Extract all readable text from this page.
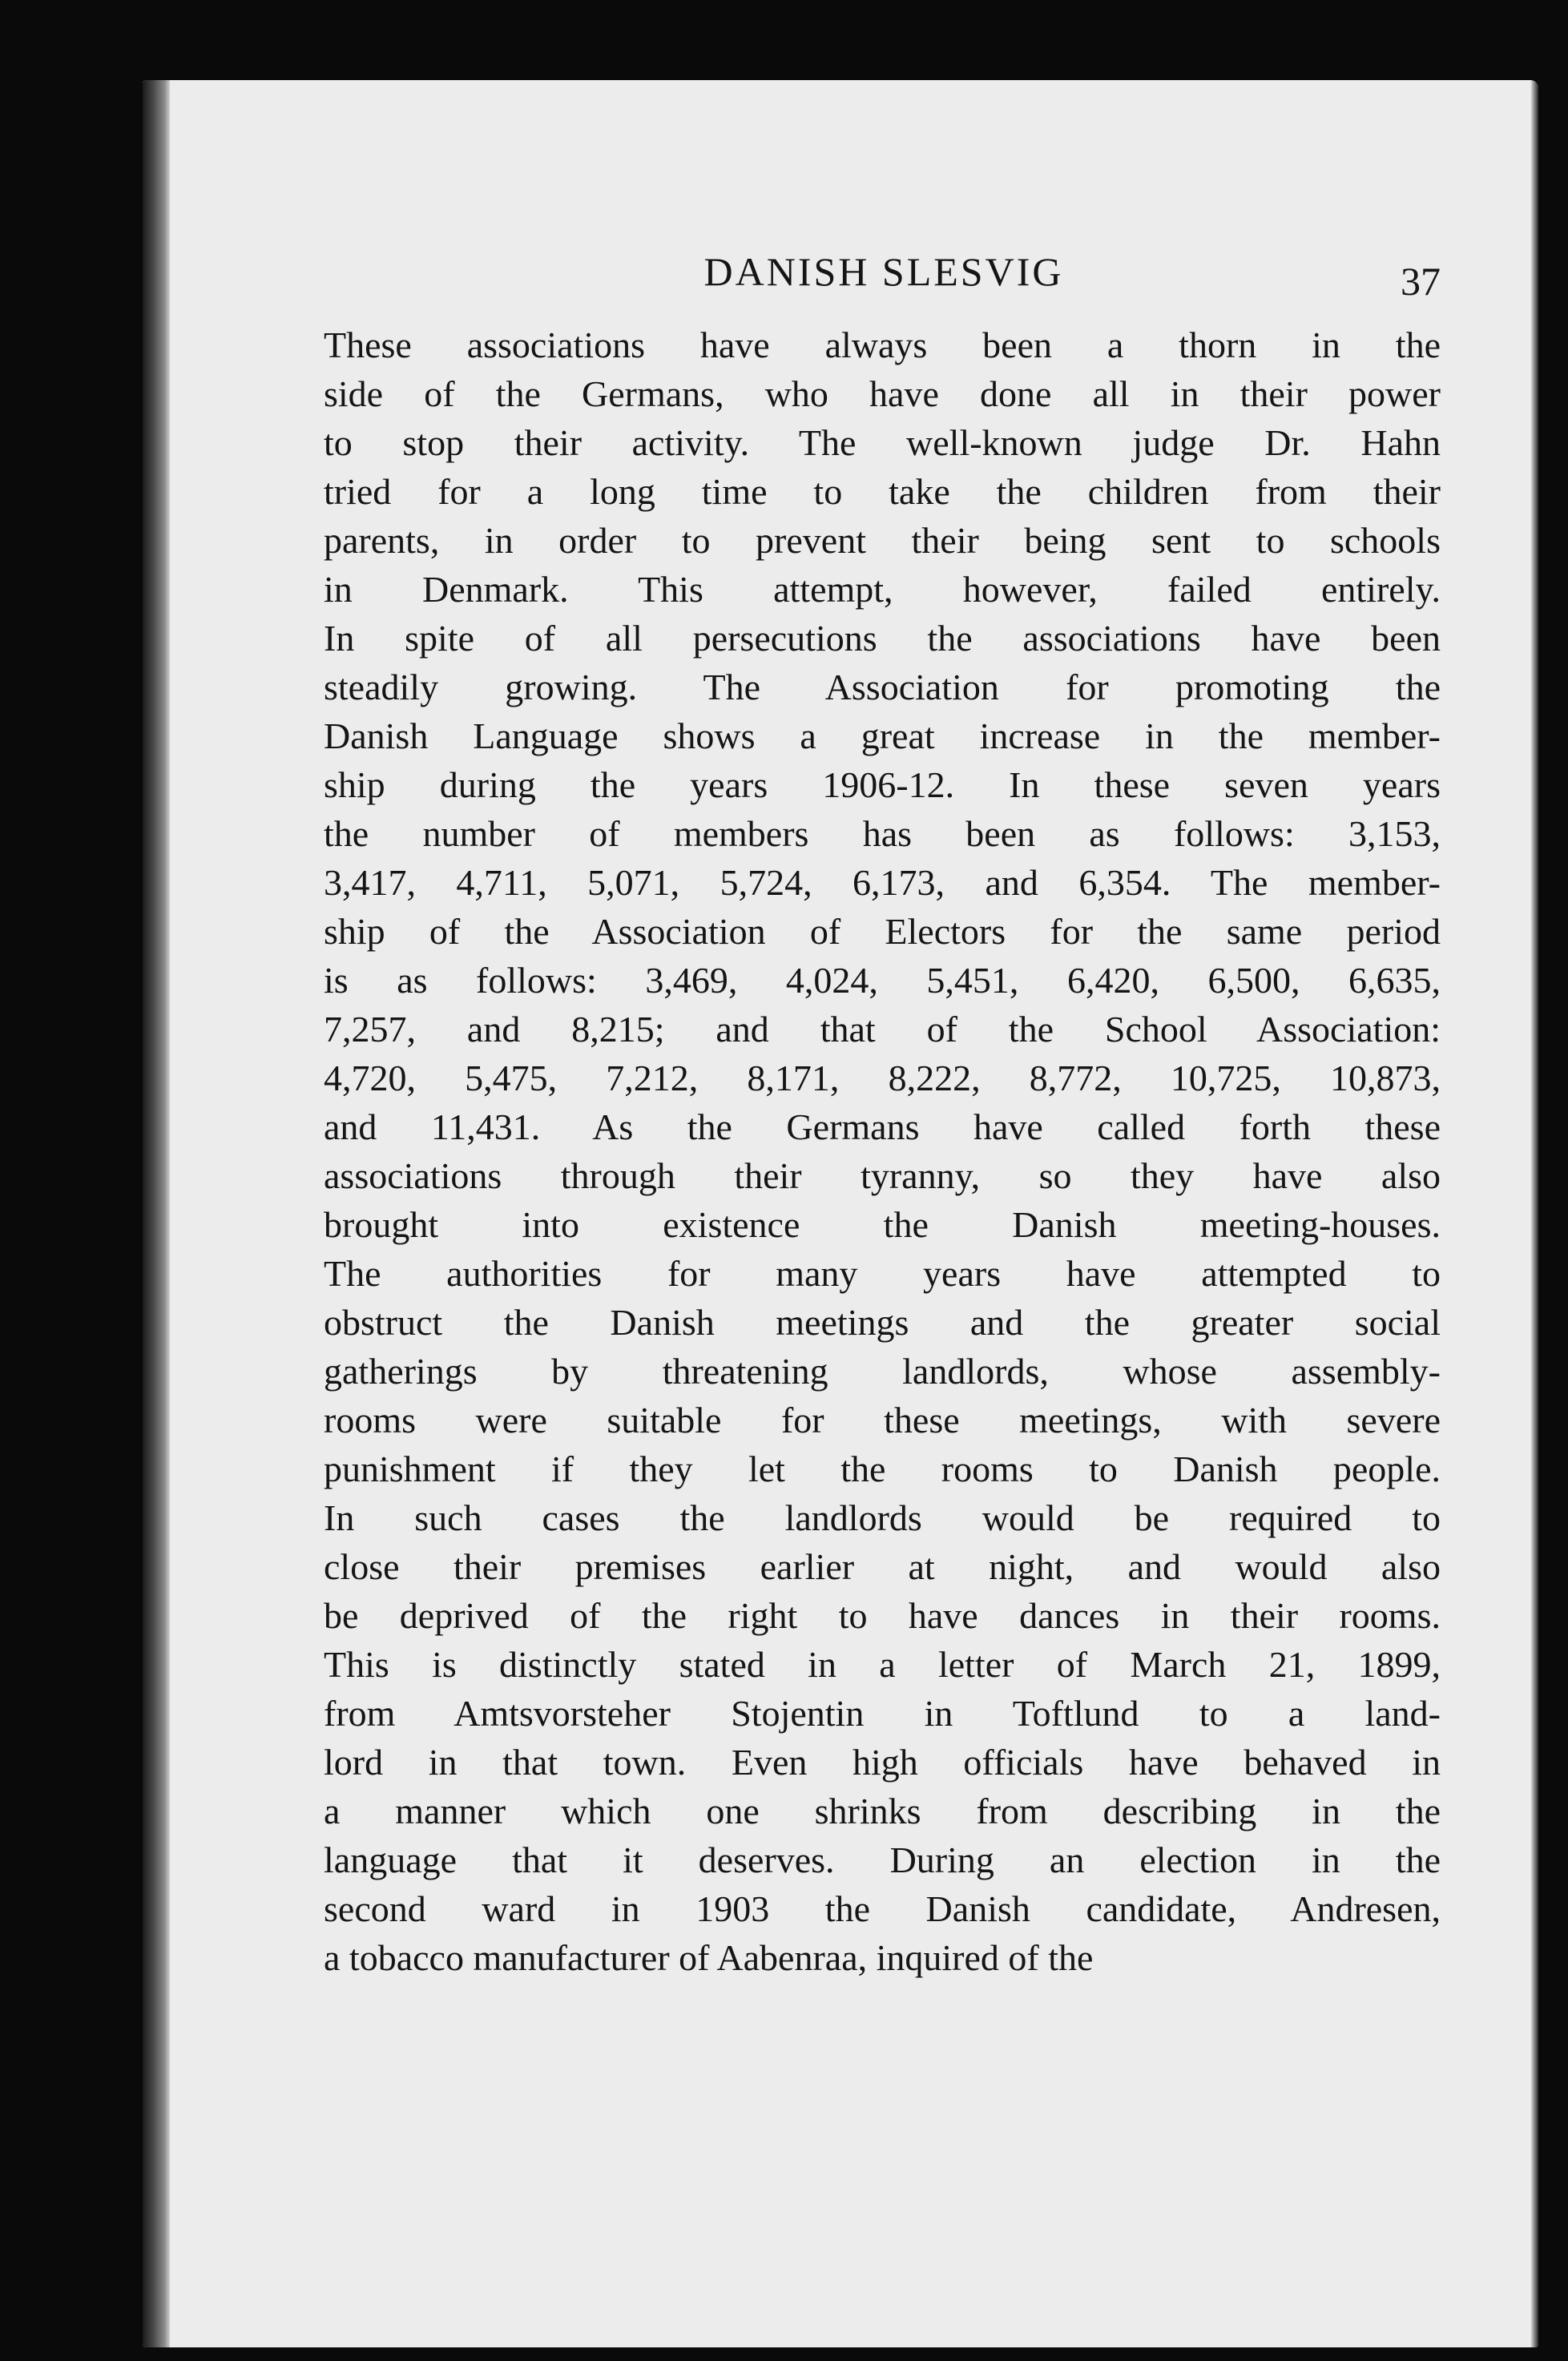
DANISH SLESVIG	37
These associations have always been a thorn in the
side of the Germans, who have done all in their power
to stop their activity. The well-known judge Dr. Hahn
tried for a long time to take the children from their
parents, in order to prevent their being sent to schools
in Denmark. This attempt, however, failed entirely.
In spite of all persecutions the associations have been
steadily growing. The Association for promoting the
Danish Language shows a great increase in the member-
ship during the years 1906-12. In these seven years
the number of members has been as follows: 3,153,
3,417, 4,711, 5,071, 5,724, 6,173, and 6,354. The member-
ship of the Association of Electors for the same period
is as follows: 3,469, 4,024, 5,451, 6,420, 6,500, 6,635,
7,257, and 8,215; and that of the School Association:
4,720, 5,475, 7,212, 8,171, 8,222, 8,772, 10,725, 10,873,
and 11,431. As the Germans have called forth these
associations through their tyranny, so they have also
brought into existence the Danish meeting-houses.
The authorities for many years have attempted to
obstruct the Danish meetings and the greater social
gatherings by threatening landlords, whose assembly-
rooms were suitable for these meetings, with severe
punishment if they let the rooms to Danish people.
In such cases the landlords would be required to
close their premises earlier at night, and would also
be deprived of the right to have dances in their rooms.
This is distinctly stated in a letter of March 21, 1899,
from Amtsvorsteher Stojentin in Toftlund to a land-
lord in that town. Even high officials have behaved in
a manner which one shrinks from describing in the
language that it deserves. During an election in the
second ward in 1903 the Danish candidate, Andresen,
a tobacco manufacturer of Aabenraa, inquired of the
